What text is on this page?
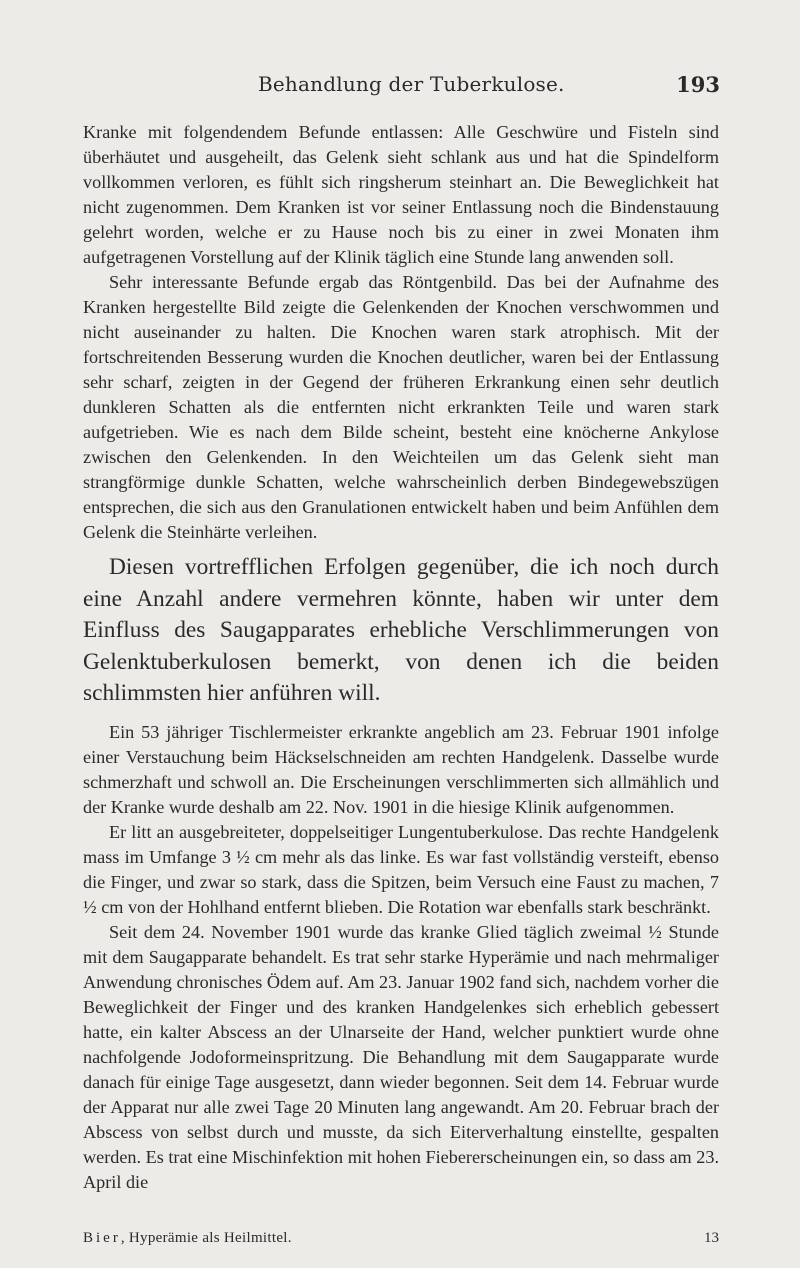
Behandlung der Tuberkulose.	193

Kranke mit folgendendem Befunde entlassen: Alle Geschwüre und Fisteln sind überhäutet und ausgeheilt, das Gelenk sieht schlank aus und hat die Spindelform vollkommen verloren, es fühlt sich ringsherum steinhart an. Die Beweglichkeit hat nicht zugenommen. Dem Kranken ist vor seiner Entlassung noch die Bindenstauung gelehrt worden, welche er zu Hause noch bis zu einer in zwei Monaten ihm aufgetragenen Vorstellung auf der Klinik täglich eine Stunde lang anwenden soll.

Sehr interessante Befunde ergab das Röntgenbild. Das bei der Aufnahme des Kranken hergestellte Bild zeigte die Gelenkenden der Knochen verschwommen und nicht auseinander zu halten. Die Knochen waren stark atrophisch. Mit der fortschreitenden Besserung wurden die Knochen deutlicher, waren bei der Entlassung sehr scharf, zeigten in der Gegend der früheren Erkrankung einen sehr deutlich dunkleren Schatten als die entfernten nicht erkrankten Teile und waren stark aufgetrieben. Wie es nach dem Bilde scheint, besteht eine knöcherne Ankylose zwischen den Gelenkenden. In den Weichteilen um das Gelenk sieht man strangförmige dunkle Schatten, welche wahrscheinlich derben Bindegewebszügen entsprechen, die sich aus den Granulationen entwickelt haben und beim Anfühlen dem Gelenk die Steinhärte verleihen.

Diesen vortrefflichen Erfolgen gegenüber, die ich noch durch eine Anzahl andere vermehren könnte, haben wir unter dem Einfluss des Saugapparates erhebliche Verschlimmerungen von Gelenktuberkulosen bemerkt, von denen ich die beiden schlimmsten hier anführen will.

Ein 53 jähriger Tischlermeister erkrankte angeblich am 23. Februar 1901 infolge einer Verstauchung beim Häckselschneiden am rechten Handgelenk. Dasselbe wurde schmerzhaft und schwoll an. Die Erscheinungen verschlimmerten sich allmählich und der Kranke wurde deshalb am 22. Nov. 1901 in die hiesige Klinik aufgenommen.

Er litt an ausgebreiteter, doppelseitiger Lungentuberkulose. Das rechte Handgelenk mass im Umfange 3 ½ cm mehr als das linke. Es war fast vollständig versteift, ebenso die Finger, und zwar so stark, dass die Spitzen, beim Versuch eine Faust zu machen, 7 ½ cm von der Hohlhand entfernt blieben. Die Rotation war ebenfalls stark beschränkt.

Seit dem 24. November 1901 wurde das kranke Glied täglich zweimal ½ Stunde mit dem Saugapparate behandelt. Es trat sehr starke Hyperämie und nach mehrmaliger Anwendung chronisches Ödem auf. Am 23. Januar 1902 fand sich, nachdem vorher die Beweglichkeit der Finger und des kranken Handgelenkes sich erheblich gebessert hatte, ein kalter Abscess an der Ulnarseite der Hand, welcher punktiert wurde ohne nachfolgende Jodoformeinspritzung. Die Behandlung mit dem Saugapparate wurde danach für einige Tage ausgesetzt, dann wieder begonnen. Seit dem 14. Februar wurde der Apparat nur alle zwei Tage 20 Minuten lang angewandt. Am 20. Februar brach der Abscess von selbst durch und musste, da sich Eiterverhaltung einstellte, gespalten werden. Es trat eine Mischinfektion mit hohen Fiebererscheinungen ein, so dass am 23. April die

Bier, Hyperämie als Heilmittel.	13
